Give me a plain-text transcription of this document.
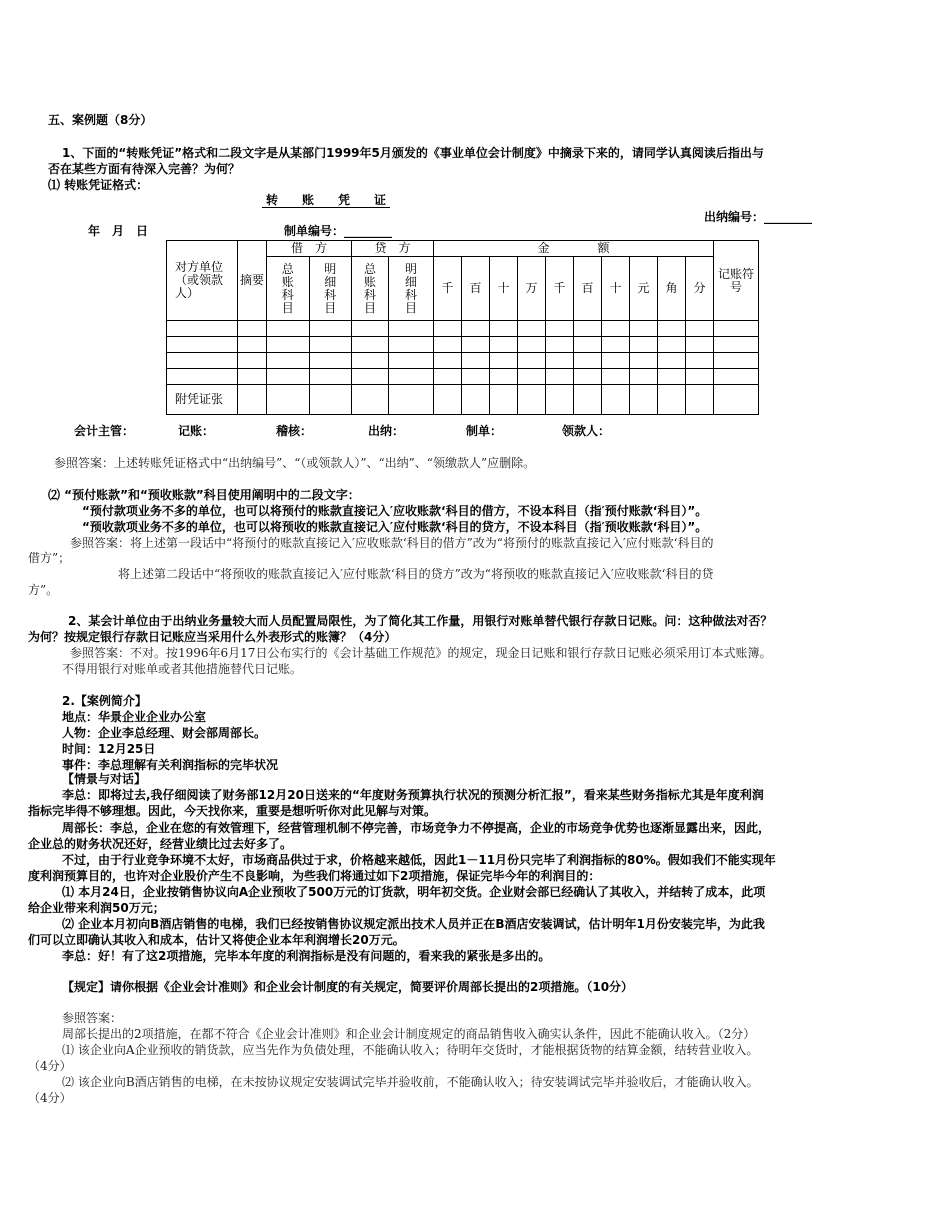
五、案例题（8分）
1、下面的“转账凭证”格式和二段文字是从某部门1999年5月颁发的《事业单位会计制度》中摘录下来的，请同学认真阅读后指出与
否在某些方面有待深入完善？为何？
⑴ 转账凭证格式：
转　　账　　凭　　证
出纳编号：________
年　月　日	制单编号：________
对方单位（或领款人）	摘要	借　方		贷　方		金　　　　额										记账符号
		总账科目	明细科目	总账科目	明细科目	千	百	十	万	千	百	十	元	角	分	

附凭证张																
会计主管：	记账：	稽核：	出纳：	制单：	领款人：
参照答案：上述转账凭证格式中“出纳编号”、“（或领款人）”、“出纳”、“领缴款人”应删除。
⑵ “预付账款”和“预收账款”科目使用阐明中的二段文字：
“预付款项业务不多的单位，也可以将预付的账款直接记入′应收账款‘科目的借方，不设本科目（指′预付账款‘科目）”。
“预收款项业务不多的单位，也可以将预收的账款直接记入′应付账款‘科目的贷方，不设本科目（指′预收账款‘科目）”。
参照答案：将上述第一段话中“将预付的账款直接记入′应收账款‘科目的借方”改为“将预付的账款直接记入′应付账款‘科目的
借方”；
将上述第二段话中“将预收的账款直接记入′应付账款‘科目的贷方”改为“将预收的账款直接记入′应收账款‘科目的贷
方”。
2、某会计单位由于出纳业务量较大而人员配置局限性，为了简化其工作量，用银行对账单替代银行存款日记账。问：这种做法对否？
为何？按规定银行存款日记账应当采用什么外表形式的账簿？（4分）
参照答案：不对。按1996年6月17日公布实行的《会计基础工作规范》的规定，现金日记账和银行存款日记账必须采用订本式账簿。
不得用银行对账单或者其他措施替代日记账。
2.【案例简介】
地点：华景企业企业办公室
人物：企业李总经理、财会部周部长。
时间：12月25日
事件：李总理解有关利润指标的完毕状况
【情景与对话】
李总：即将过去,我仔细阅读了财务部12月20日送来的“年度财务预算执行状况的预测分析汇报”，看来某些财务指标尤其是年度利润
指标完毕得不够理想。因此，今天找你来，重要是想听听你对此见解与对策。
周部长：李总，企业在您的有效管理下，经营管理机制不停完善，市场竞争力不停提高，企业的市场竞争优势也逐渐显露出来，因此，
企业总的财务状况还好，经营业绩比过去好多了。
不过，由于行业竞争环境不太好，市场商品供过于求，价格越来越低，因此1－11月份只完毕了利润指标的80%。假如我们不能实现年
度利润预算目的，也许对企业股价产生不良影响，为些我们将通过如下2项措施，保证完毕今年的利润目的：
⑴ 本月24日，企业按销售协议向A企业预收了500万元的订货款，明年初交货。企业财会部已经确认了其收入，并结转了成本，此项
给企业带来利润50万元；
⑵ 企业本月初向B酒店销售的电梯，我们已经按销售协议规定派出技术人员并正在B酒店安装调试，估计明年1月份安装完毕，为此我
们可以立即确认其收入和成本，估计又将使企业本年利润增长20万元。
李总：好！有了这2项措施，完毕本年度的利润指标是没有问题的，看来我的紧张是多出的。
【规定】请你根据《企业会计准则》和企业会计制度的有关规定，简要评价周部长提出的2项措施。（10分）
参照答案：
周部长提出的2项措施，在都不符合《企业会计准则》和企业会计制度规定的商品销售收入确实认条件，因此不能确认收入。（2分）
⑴ 该企业向A企业预收的销货款，应当先作为负债处理，不能确认收入；待明年交货时，才能根据货物的结算金额，结转营业收入。
（4分）
⑵ 该企业向B酒店销售的电梯，在未按协议规定安装调试完毕并验收前，不能确认收入；待安装调试完毕并验收后，才能确认收入。
（4分）
